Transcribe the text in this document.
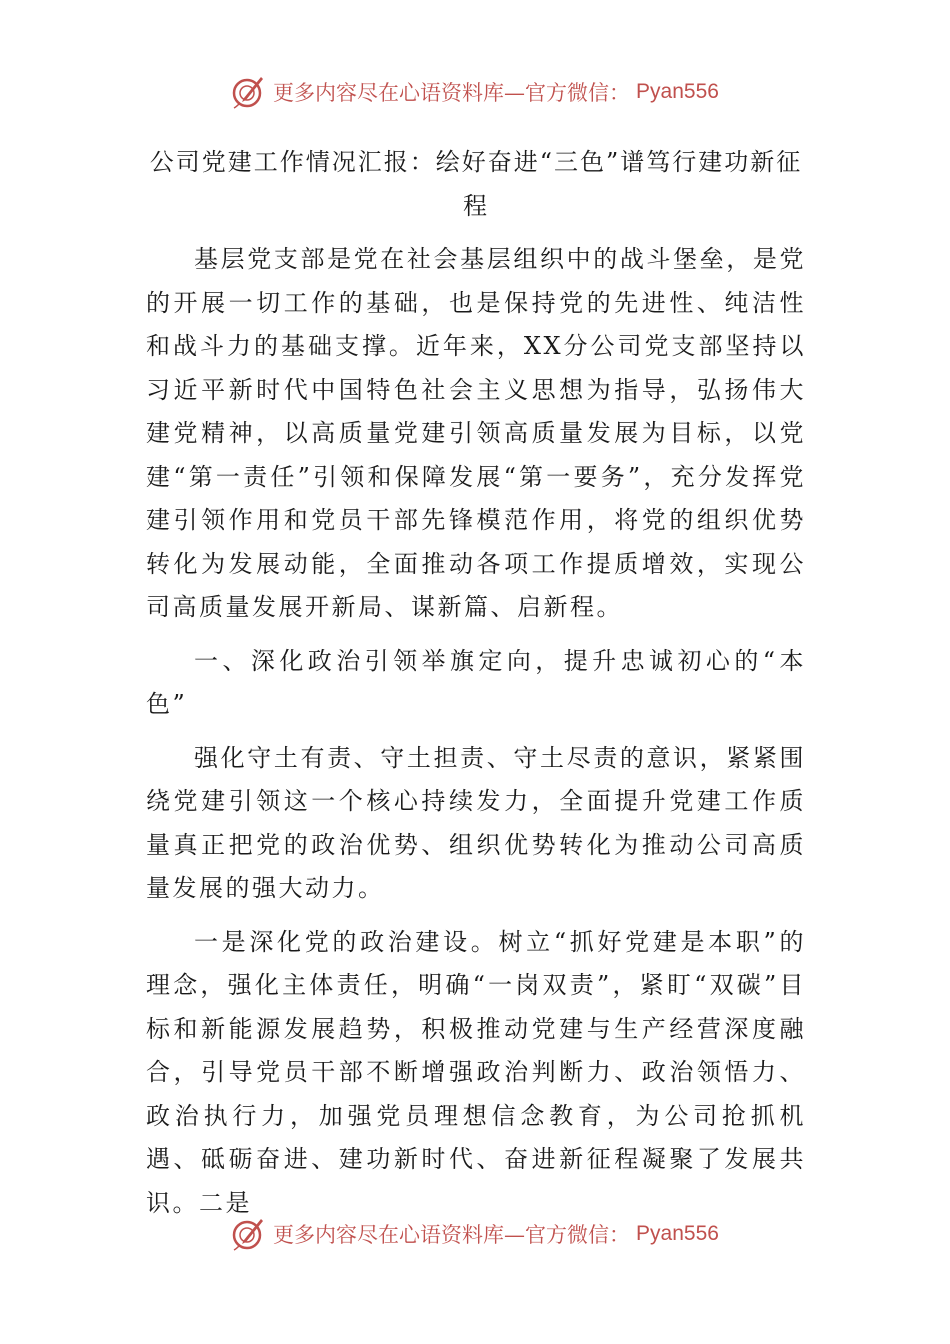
更多内容尽在心语资料库—官方微信： Pyan556
公司党建工作情况汇报：绘好奋进“三色”谱笃行建功新征程

基层党支部是党在社会基层组织中的战斗堡垒，是党的开展一切工作的基础，也是保持党的先进性、纯洁性和战斗力的基础支撑。近年来，XX分公司党支部坚持以习近平新时代中国特色社会主义思想为指导，弘扬伟大建党精神，以高质量党建引领高质量发展为目标，以党建“第一责任”引领和保障发展“第一要务”，充分发挥党建引领作用和党员干部先锋模范作用，将党的组织优势转化为发展动能，全面推动各项工作提质增效，实现公司高质量发展开新局、谋新篇、启新程。

一、深化政治引领举旗定向，提升忠诚初心的“本色”

强化守土有责、守土担责、守土尽责的意识，紧紧围绕党建引领这一个核心持续发力，全面提升党建工作质量真正把党的政治优势、组织优势转化为推动公司高质量发展的强大动力。

一是深化党的政治建设。树立“抓好党建是本职”的理念，强化主体责任，明确“一岗双责”，紧盯“双碳”目标和新能源发展趋势，积极推动党建与生产经营深度融合，引导党员干部不断增强政治判断力、政治领悟力、政治执行力，加强党员理想信念教育，为公司抢抓机遇、砥砺奋进、建功新时代、奋进新征程凝聚了发展共识。二是

更多内容尽在心语资料库—官方微信： Pyan556
